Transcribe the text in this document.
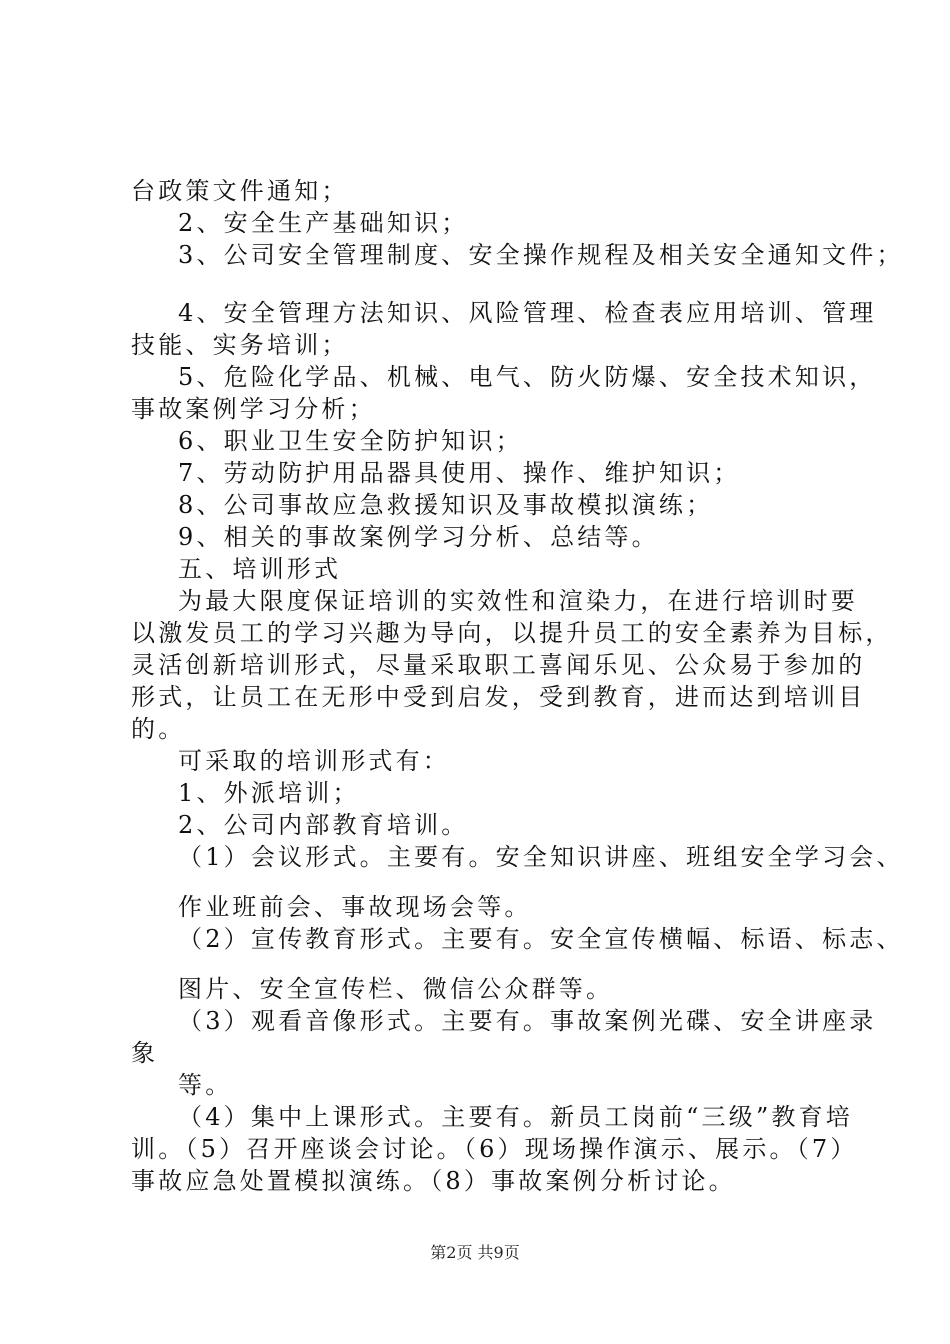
台政策文件通知；
2、安全生产基础知识；
3、公司安全管理制度、安全操作规程及相关安全通知文件；
4、安全管理方法知识、风险管理、检查表应用培训、管理
技能、实务培训；
5、危险化学品、机械、电气、防火防爆、安全技术知识，
事故案例学习分析；
6、职业卫生安全防护知识；
7、劳动防护用品器具使用、操作、维护知识；
8、公司事故应急救援知识及事故模拟演练；
9、相关的事故案例学习分析、总结等。
五、培训形式
为最大限度保证培训的实效性和渲染力，在进行培训时要
以激发员工的学习兴趣为导向，以提升员工的安全素养为目标，
灵活创新培训形式，尽量采取职工喜闻乐见、公众易于参加的
形式，让员工在无形中受到启发，受到教育，进而达到培训目
的。
可采取的培训形式有：
1、外派培训；
2、公司内部教育培训。
（1）会议形式。主要有。安全知识讲座、班组安全学习会、
作业班前会、事故现场会等。
（2）宣传教育形式。主要有。安全宣传横幅、标语、标志、
图片、安全宣传栏、微信公众群等。
（3）观看音像形式。主要有。事故案例光碟、安全讲座录
象
等。
（4）集中上课形式。主要有。新员工岗前“三级”教育培
训。（5）召开座谈会讨论。（6）现场操作演示、展示。（7）
事故应急处置模拟演练。（8）事故案例分析讨论。
第2页 共9页
